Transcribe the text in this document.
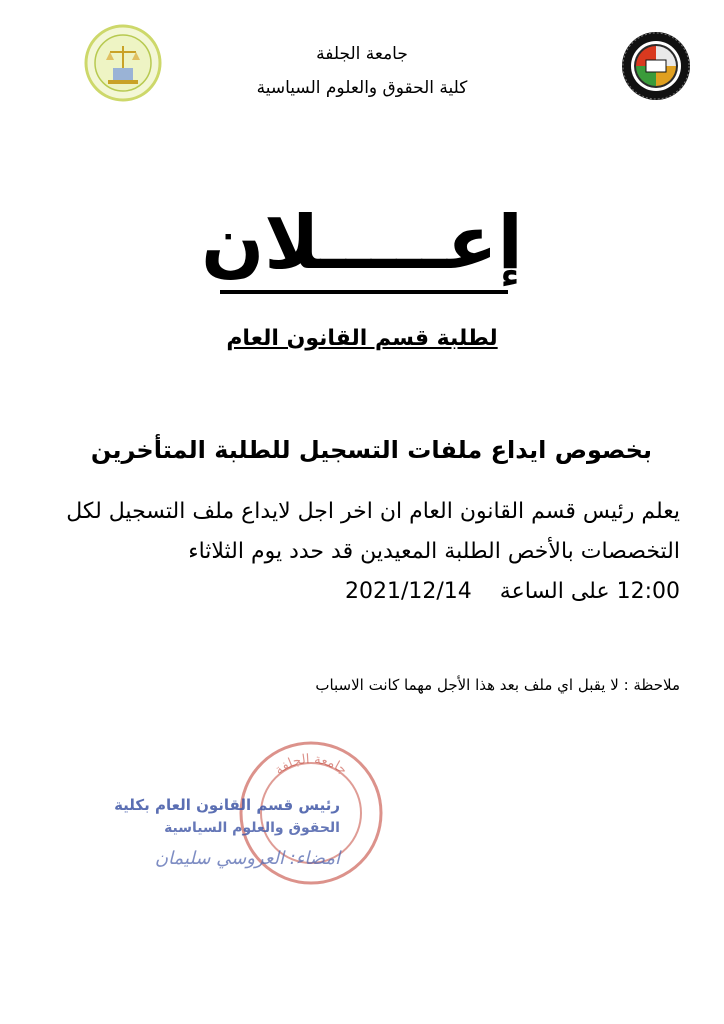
جامعة الجلفة
كلية الحقوق والعلوم السياسية
إعـــــلان
لطلبة قسم القانون العام
بخصوص ايداع ملفات التسجيل للطلبة المتأخرين
يعلم رئيس قسم القانون العام ان اخر اجل لايداع ملف التسجيل لكل التخصصات بالأخص الطلبة المعيدين قد حدد يوم الثلاثاء
2021/12/14 على الساعة 12:00
ملاحظة : لا يقبل اي ملف بعد هذا الأجل مهما كانت الاسباب
جامعة الجلفة
رئيس قسم القانون العام بكلية
الحقوق والعلوم السياسية
امضاء: العروسي سليمان
